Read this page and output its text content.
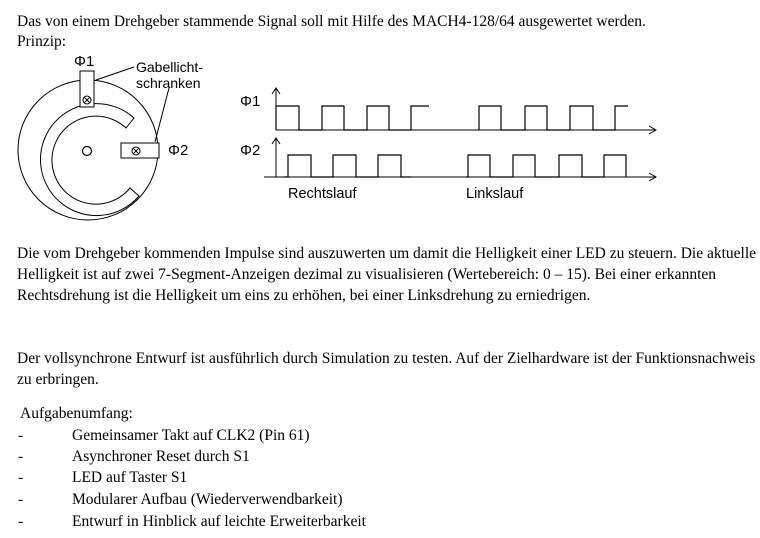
Das von einem Drehgeber stammende Signal soll mit Hilfe des MACH4-128/64 ausgewertet werden.
Prinzip:
Φ1
Φ2
Gabellicht-
schranken
Φ1
Φ2
Rechtslauf	Linkslauf
Die vom Drehgeber kommenden Impulse sind auszuwerten um damit die Helligkeit einer LED zu steuern. Die aktuelle Helligkeit ist auf zwei 7-Segment-Anzeigen dezimal zu visualisieren (Wertebereich: 0 – 15). Bei einer erkannten Rechtsdrehung ist die Helligkeit um eins zu erhöhen, bei einer Linksdrehung zu erniedrigen.
Der vollsynchrone Entwurf ist ausführlich durch Simulation zu testen. Auf der Zielhardware ist der Funktionsnachweis zu erbringen.
Aufgabenumfang:
-	Gemeinsamer Takt auf CLK2 (Pin 61)
-	Asynchroner Reset durch S1
-	LED auf Taster S1
-	Modularer Aufbau (Wiederverwendbarkeit)
-	Entwurf in Hinblick auf leichte Erweiterbarkeit
